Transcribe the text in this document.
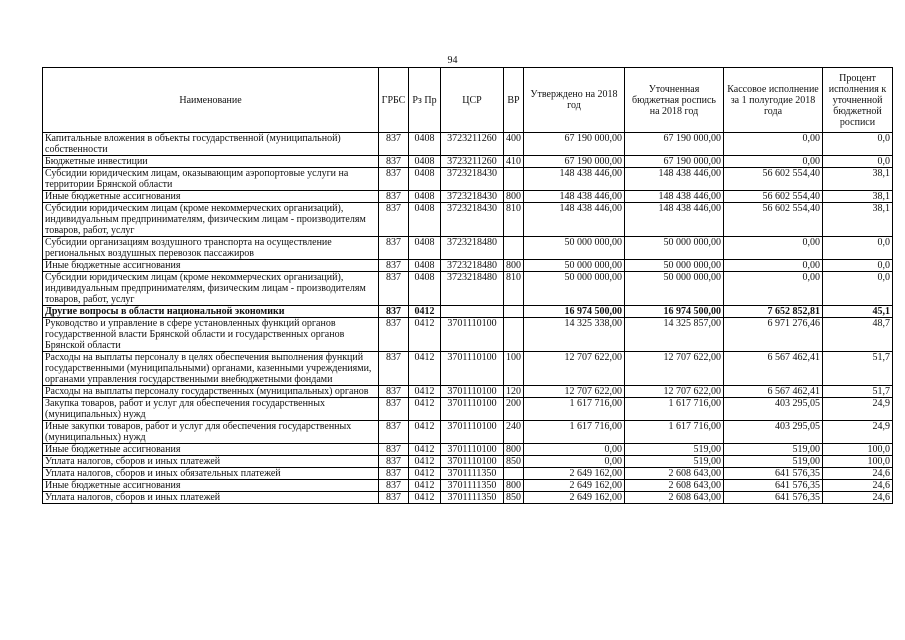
94
Наименование	ГРБС	Рз Пр	ЦСР	ВР	Утверждено на 2018 год	Уточненная бюджетная роспись на 2018 год	Кассовое исполнение за 1 полугодие 2018 года	Процент исполнения к уточненной бюджетной росписи
Капитальные вложения в объекты государственной (муниципальной) собственности	837	0408	3723211260	400	67 190 000,00	67 190 000,00	0,00	0,0
Бюджетные инвестиции	837	0408	3723211260	410	67 190 000,00	67 190 000,00	0,00	0,0
Субсидии юридическим лицам, оказывающим аэропортовые услуги на территории Брянской области	837	0408	3723218430		148 438 446,00	148 438 446,00	56 602 554,40	38,1
Иные бюджетные ассигнования	837	0408	3723218430	800	148 438 446,00	148 438 446,00	56 602 554,40	38,1
Субсидии юридическим лицам (кроме некоммерческих организаций), индивидуальным предпринимателям, физическим лицам - производителям товаров, работ, услуг	837	0408	3723218430	810	148 438 446,00	148 438 446,00	56 602 554,40	38,1
Субсидии организациям воздушного транспорта на осуществление региональных воздушных перевозок пассажиров	837	0408	3723218480		50 000 000,00	50 000 000,00	0,00	0,0
Иные бюджетные ассигнования	837	0408	3723218480	800	50 000 000,00	50 000 000,00	0,00	0,0
Субсидии юридическим лицам (кроме некоммерческих организаций), индивидуальным предпринимателям, физическим лицам - производителям товаров, работ, услуг	837	0408	3723218480	810	50 000 000,00	50 000 000,00	0,00	0,0
Другие вопросы в области национальной экономики	837	0412			16 974 500,00	16 974 500,00	7 652 852,81	45,1
Руководство и управление в сфере установленных функций органов государственной власти Брянской области и государственных органов Брянской области	837	0412	3701110100		14 325 338,00	14 325 857,00	6 971 276,46	48,7
Расходы на выплаты персоналу в целях обеспечения выполнения функций государственными (муниципальными) органами, казенными учреждениями, органами управления государственными внебюджетными фондами	837	0412	3701110100	100	12 707 622,00	12 707 622,00	6 567 462,41	51,7
Расходы на выплаты персоналу государственных (муниципальных) органов	837	0412	3701110100	120	12 707 622,00	12 707 622,00	6 567 462,41	51,7
Закупка товаров, работ и услуг для обеспечения государственных (муниципальных) нужд	837	0412	3701110100	200	1 617 716,00	1 617 716,00	403 295,05	24,9
Иные закупки товаров, работ и услуг для обеспечения государственных (муниципальных) нужд	837	0412	3701110100	240	1 617 716,00	1 617 716,00	403 295,05	24,9
Иные бюджетные ассигнования	837	0412	3701110100	800	0,00	519,00	519,00	100,0
Уплата налогов, сборов и иных платежей	837	0412	3701110100	850	0,00	519,00	519,00	100,0
Уплата налогов, сборов и иных обязательных платежей	837	0412	3701111350		2 649 162,00	2 608 643,00	641 576,35	24,6
Иные бюджетные ассигнования	837	0412	3701111350	800	2 649 162,00	2 608 643,00	641 576,35	24,6
Уплата налогов, сборов и иных платежей	837	0412	3701111350	850	2 649 162,00	2 608 643,00	641 576,35	24,6
